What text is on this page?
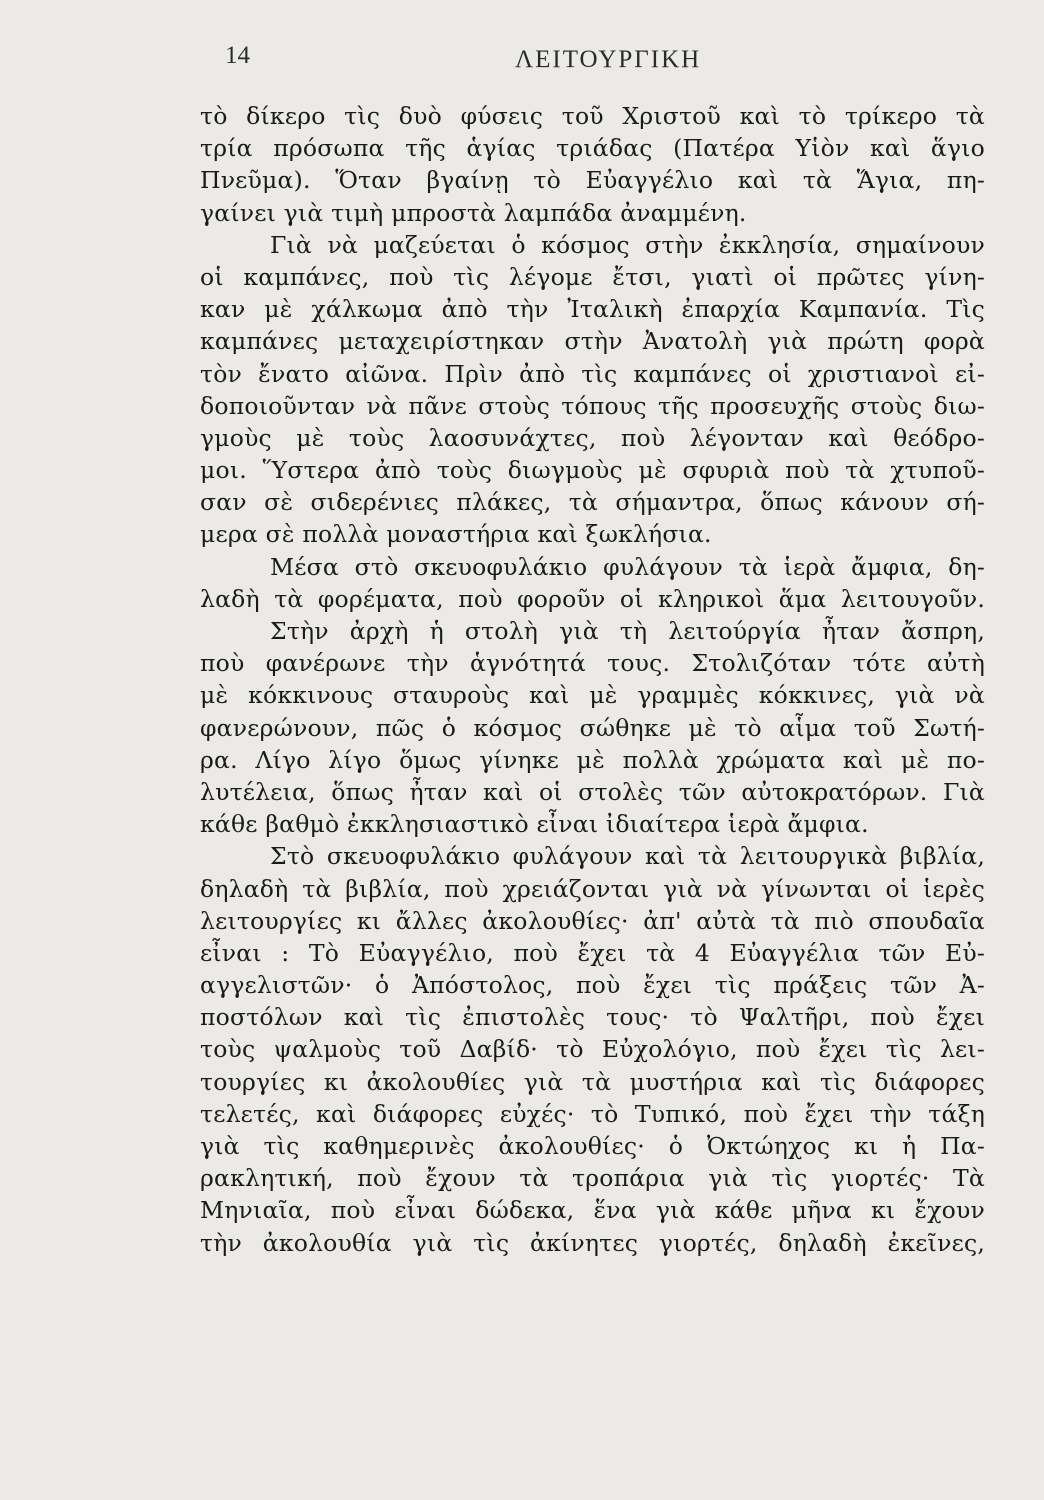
14	ΛΕΙΤΟΥΡΓΙΚΗ
τὸ δίκερο τὶς δυὸ φύσεις τοῦ Χριστοῦ καὶ τὸ τρίκερο τὰ
τρία πρόσωπα τῆς ἁγίας τριάδας (Πατέρα Υἱὸν καὶ ἅγιο
Πνεῦμα). Ὅταν βγαίνῃ τὸ Εὐαγγέλιο καὶ τὰ Ἅγια, πη-
γαίνει γιὰ τιμὴ μπροστὰ λαμπάδα ἀναμμένη.
Γιὰ νὰ μαζεύεται ὁ κόσμος στὴν ἐκκλησία, σημαίνουν
οἱ καμπάνες, ποὺ τὶς λέγομε ἔτσι, γιατὶ οἱ πρῶτες γίνη-
καν μὲ χάλκωμα ἀπὸ τὴν Ἰταλικὴ ἐπαρχία Καμπανία. Τὶς
καμπάνες μεταχειρίστηκαν στὴν Ἀνατολὴ γιὰ πρώτη φορὰ
τὸν ἔνατο αἰῶνα. Πρὶν ἀπὸ τὶς καμπάνες οἱ χριστιανοὶ εἰ-
δοποιοῦνταν νὰ πᾶνε στοὺς τόπους τῆς προσευχῆς στοὺς διω-
γμοὺς μὲ τοὺς λαοσυνάχτες, ποὺ λέγονταν καὶ θεόδρο-
μοι. Ὕστερα ἀπὸ τοὺς διωγμοὺς μὲ σφυριὰ ποὺ τὰ χτυποῦ-
σαν σὲ σιδερένιες πλάκες, τὰ σήμαντρα, ὅπως κάνουν σή-
μερα σὲ πολλὰ μοναστήρια καὶ ξωκλήσια.
Μέσα στὸ σκευοφυλάκιο φυλάγουν τὰ ἱερὰ ἄμφια, δη-
λαδὴ τὰ φορέματα, ποὺ φοροῦν οἱ κληρικοὶ ἅμα λειτουγοῦν.
Στὴν ἀρχὴ ἡ στολὴ γιὰ τὴ λειτούργία ἦταν ἄσπρη,
ποὺ φανέρωνε τὴν ἁγνότητά τους. Στολιζόταν τότε αὐτὴ
μὲ κόκκινους σταυροὺς καὶ μὲ γραμμὲς κόκκινες, γιὰ νὰ
φανερώνουν, πῶς ὁ κόσμος σώθηκε μὲ τὸ αἷμα τοῦ Σωτή-
ρα. Λίγο λίγο ὅμως γίνηκε μὲ πολλὰ χρώματα καὶ μὲ πο-
λυτέλεια, ὅπως ἦταν καὶ οἱ στολὲς τῶν αὐτοκρατόρων. Γιὰ
κάθε βαθμὸ ἐκκλησιαστικὸ εἶναι ἰδιαίτερα ἱερὰ ἄμφια.
Στὸ σκευοφυλάκιο φυλάγουν καὶ τὰ λειτουργικὰ βιβλία,
δηλαδὴ τὰ βιβλία, ποὺ χρειάζονται γιὰ νὰ γίνωνται οἱ ἱερὲς
λειτουργίες κι ἄλλες ἀκολουθίες· ἀπ' αὐτὰ τὰ πιὸ σπουδαῖα
εἶναι : Τὸ Εὐαγγέλιο, ποὺ ἔχει τὰ 4 Εὐαγγέλια τῶν Εὐ-
αγγελιστῶν· ὁ Ἀπόστολος, ποὺ ἔχει τὶς πράξεις τῶν Ἀ-
ποστόλων καὶ τὶς ἐπιστολὲς τους· τὸ Ψαλτῆρι, ποὺ ἔχει
τοὺς ψαλμοὺς τοῦ Δαβίδ· τὸ Εὐχολόγιο, ποὺ ἔχει τὶς λει-
τουργίες κι ἀκολουθίες γιὰ τὰ μυστήρια καὶ τὶς διάφορες
τελετές, καὶ διάφορες εὐχές· τὸ Τυπικό, ποὺ ἔχει τὴν τάξη
γιὰ τὶς καθημερινὲς ἀκολουθίες· ὁ Ὀκτώηχος κι ἡ Πα-
ρακλητική, ποὺ ἔχουν τὰ τροπάρια γιὰ τὶς γιορτές· Τὰ
Μηνιαῖα, ποὺ εἶναι δώδεκα, ἕνα γιὰ κάθε μῆνα κι ἔχουν
τὴν ἀκολουθία γιὰ τὶς ἀκίνητες γιορτές, δηλαδὴ ἐκεῖνες,
